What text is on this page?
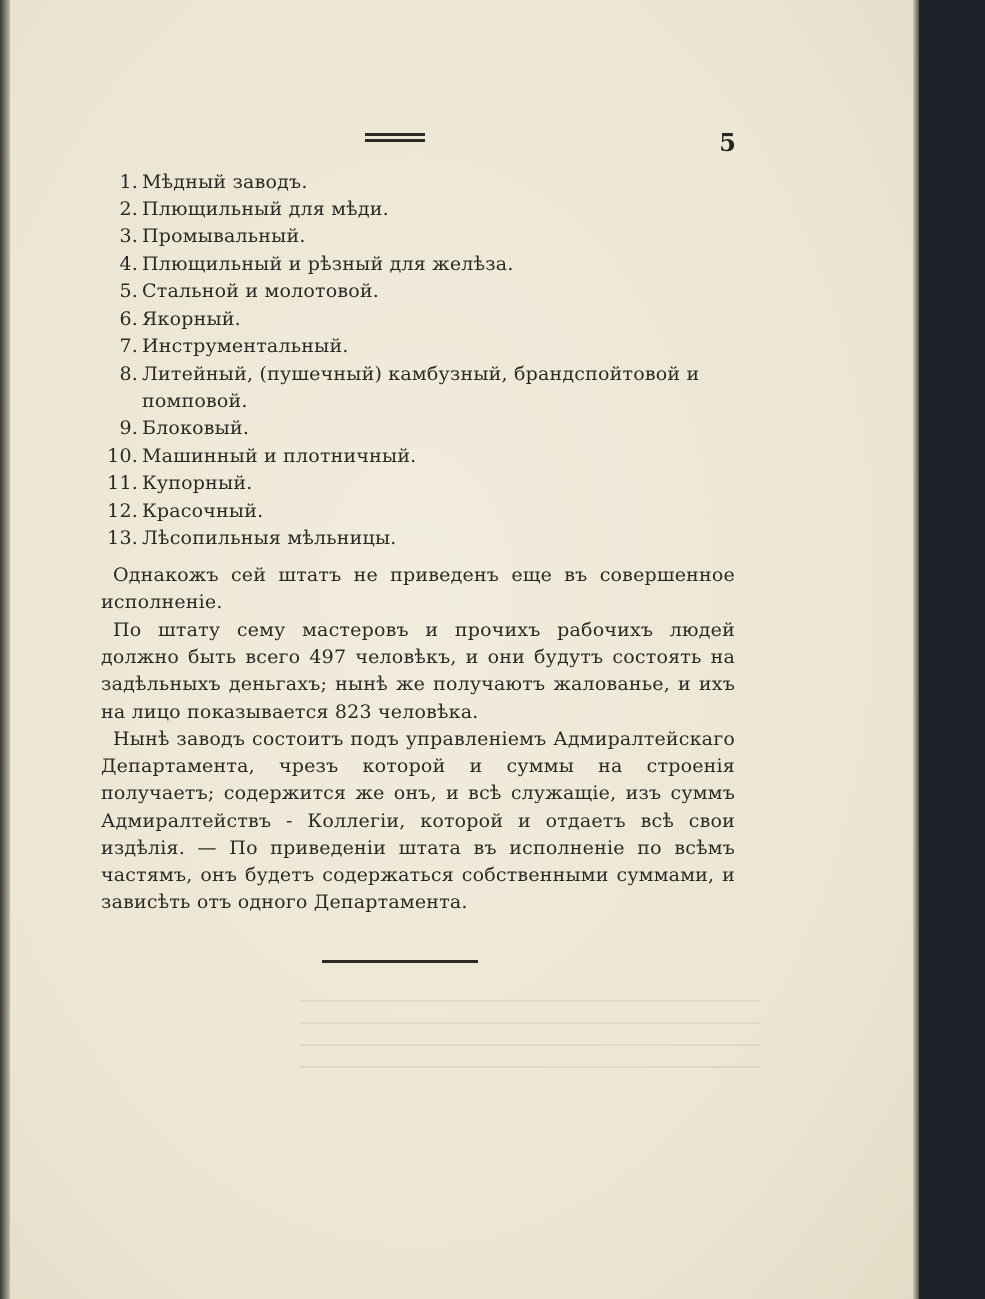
5
1. Мѣдный заводъ.
2. Плющильный для мѣди.
3. Промывальный.
4. Плющильный и рѣзный для желѣза.
5. Стальной и молотовой.
6. Якорный.
7. Инструментальный.
8. Литейный, (пушечный) камбузный, брандспойтовой и
помповой.
9. Блоковый.
10. Машинный и плотничный.
11. Купорный.
12. Красочный.
13. Лѣсопильныя мѣльницы.

Однакожъ сей штатъ не приведенъ еще въ совершенное исполненіе.

По штату сему мастеровъ и прочихъ рабочихъ людей должно быть всего 497 человѣкъ, и они будутъ состоять на задѣльныхъ деньгахъ; нынѣ же получаютъ жалованье, и ихъ на лицо показывается 823 человѣка.

Нынѣ заводъ состоитъ подъ управленіемъ Адмиралтейскаго Департамента, чрезъ которой и суммы на строенія получаетъ; содержится же онъ, и всѣ служащіе, изъ суммъ Адмиралтействъ - Коллегіи, которой и отдаетъ всѣ свои издѣлія. — По приведеніи штата въ исполненіе по всѣмъ частямъ, онъ будетъ содержаться собственными суммами, и зависѣть отъ одного Департамента.
